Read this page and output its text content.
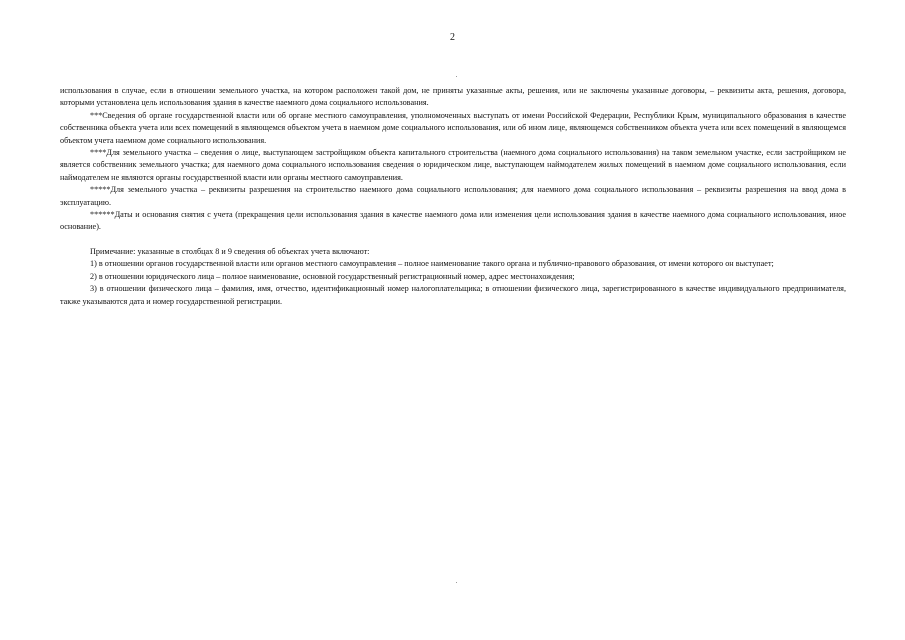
2

использования в случае, если в отношении земельного участка, на котором расположен такой дом, не приняты указанные акты, решения, или не заключены указанные договоры, – реквизиты акта, решения, договора, которыми установлена цель использования здания в качестве наемного дома социального использования.

***Сведения об органе государственной власти или об органе местного самоуправления, уполномоченных выступать от имени Российской Федерации, Республики Крым, муниципального образования в качестве собственника объекта учета или всех помещений в являющемся объектом учета в наемном доме социального использования, или об ином лице, являющемся собственником объекта учета или всех помещений в являющемся объектом учета наемном доме социального использования.

****Для земельного участка – сведения о лице, выступающем застройщиком объекта капитального строительства (наемного дома социального использования) на таком земельном участке, если застройщиком не является собственник земельного участка; для наемного дома социального использования сведения о юридическом лице, выступающем наймодателем жилых помещений в наемном доме социального использования, если наймодателем не являются органы государственной власти или органы местного самоуправления.

*****Для земельного участка – реквизиты разрешения на строительство наемного дома социального использования; для наемного дома социального использования – реквизиты разрешения на ввод дома в эксплуатацию.

******Даты и основания снятия с учета (прекращения цели использования здания в качестве наемного дома или изменения цели использования здания в качестве наемного дома социального использования, иное основание).

Примечание: указанные в столбцах 8 и 9 сведения об объектах учета включают:

1) в отношении органов государственной власти или органов местного самоуправления – полное наименование такого органа и публично-правового образования, от имени которого он выступает;

2) в отношении юридического лица – полное наименование, основной государственный регистрационный номер, адрес местонахождения;

3) в отношении физического лица – фамилия, имя, отчество, идентификационный номер налогоплательщика; в отношении физического лица, зарегистрированного в качестве индивидуального предпринимателя, также указываются дата и номер государственной регистрации.
